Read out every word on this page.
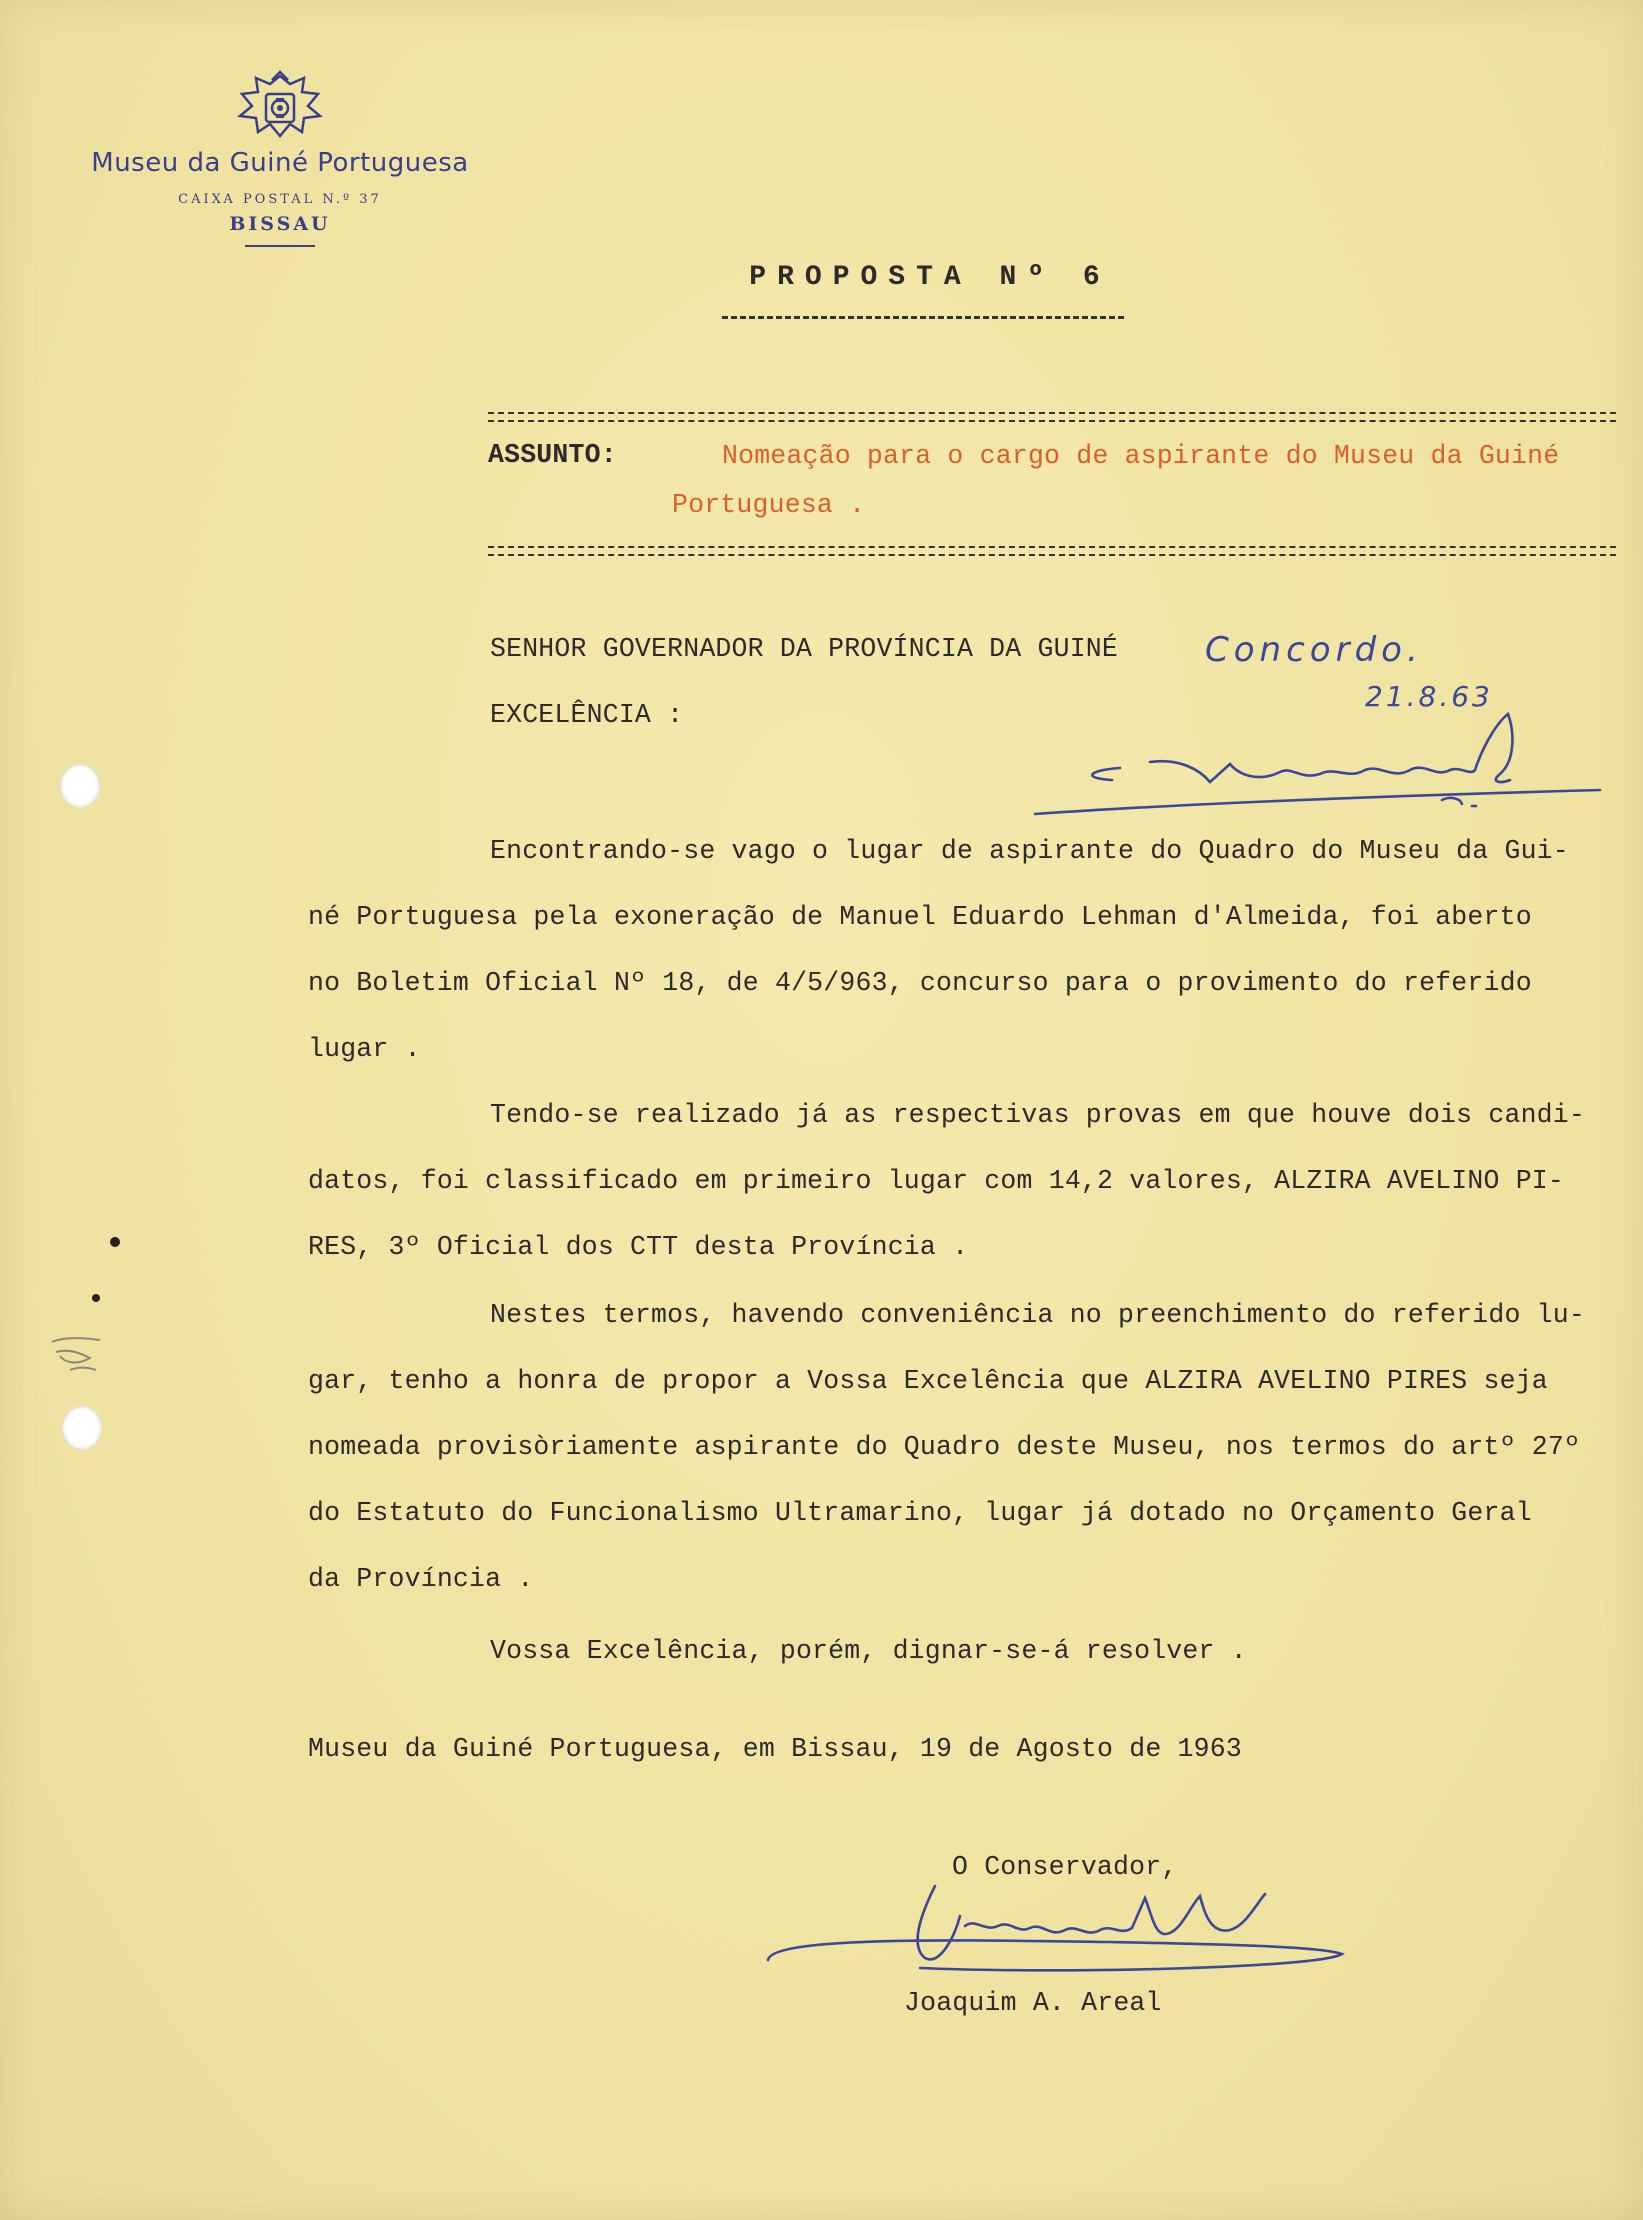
Museu da Guiné Portuguesa
CAIXA POSTAL N.º 37
BISSAU
PROPOSTA Nº 6
ASSUNTO:	Nomeação para o cargo de aspirante do Museu da Guiné
Portuguesa .
SENHOR GOVERNADOR DA PROVÍNCIA DA GUINÉ
EXCELÊNCIA :
Concordo.
21.8.63
Encontrando-se vago o lugar de aspirante do Quadro do Museu da Gui-
né Portuguesa pela exoneração de Manuel Eduardo Lehman d'Almeida, foi aberto
no Boletim Oficial Nº 18, de 4/5/963, concurso para o provimento do referido
lugar .
Tendo-se realizado já as respectivas provas em que houve dois candi-
datos, foi classificado em primeiro lugar com 14,2 valores, ALZIRA AVELINO PI-
RES, 3º Oficial dos CTT desta Província .
Nestes termos, havendo conveniência no preenchimento do referido lu-
gar, tenho a honra de propor a Vossa Excelência que ALZIRA AVELINO PIRES seja
nomeada provisòriamente aspirante do Quadro deste Museu, nos termos do artº 27º
do Estatuto do Funcionalismo Ultramarino, lugar já dotado no Orçamento Geral
da Província .
Vossa Excelência, porém, dignar-se-á resolver .
Museu da Guiné Portuguesa, em Bissau, 19 de Agosto de 1963
O Conservador,
Joaquim A. Areal
